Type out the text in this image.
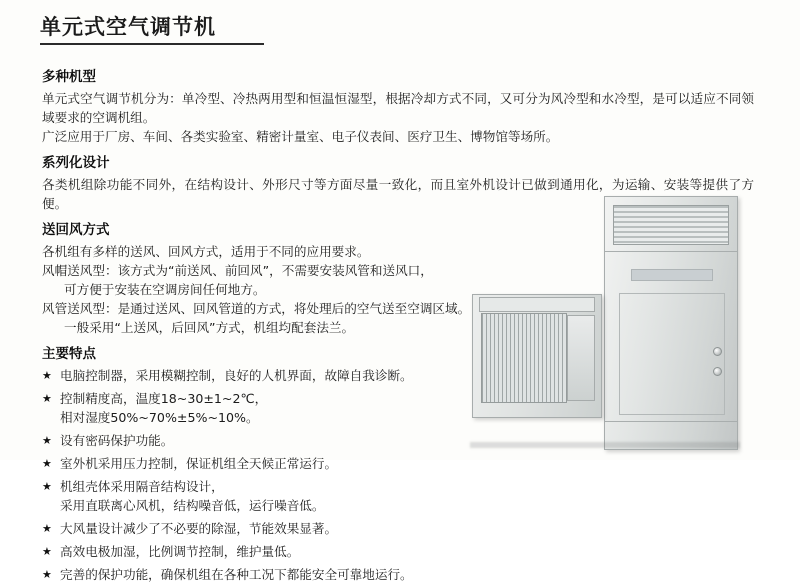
单元式空气调节机
多种机型

单元式空气调节机分为：单冷型、冷热两用型和恒温恒湿型，根据冷却方式不同，又可分为风冷型和水冷型，是可以适应不同领域要求的空调机组。

广泛应用于厂房、车间、各类实验室、精密计量室、电子仪表间、医疗卫生、博物馆等场所。

系列化设计

各类机组除功能不同外，在结构设计、外形尺寸等方面尽量一致化，而且室外机设计已做到通用化，为运输、安装等提供了方便。

送回风方式

各机组有多样的送风、回风方式，适用于不同的应用要求。

风帽送风型：该方式为“前送风、前回风”，不需要安装风管和送风口，

可方便于安装在空调房间任何地方。

风管送风型：是通过送风、回风管道的方式，将处理后的空气送至空调区域。

一般采用“上送风，后回风”方式，机组均配套法兰。

主要特点
★ 电脑控制器，采用模糊控制，良好的人机界面，故障自我诊断。
★ 控制精度高，温度18~30±1~2℃，
相对湿度50%~70%±5%~10%。
★ 设有密码保护功能。
★ 室外机采用压力控制，保证机组全天候正常运行。
★ 机组壳体采用隔音结构设计，
采用直联离心风机，结构噪音低，运行噪音低。
★ 大风量设计减少了不必要的除湿，节能效果显著。
★ 高效电极加湿，比例调节控制，维护量低。
★ 完善的保护功能，确保机组在各种工况下都能安全可靠地运行。
